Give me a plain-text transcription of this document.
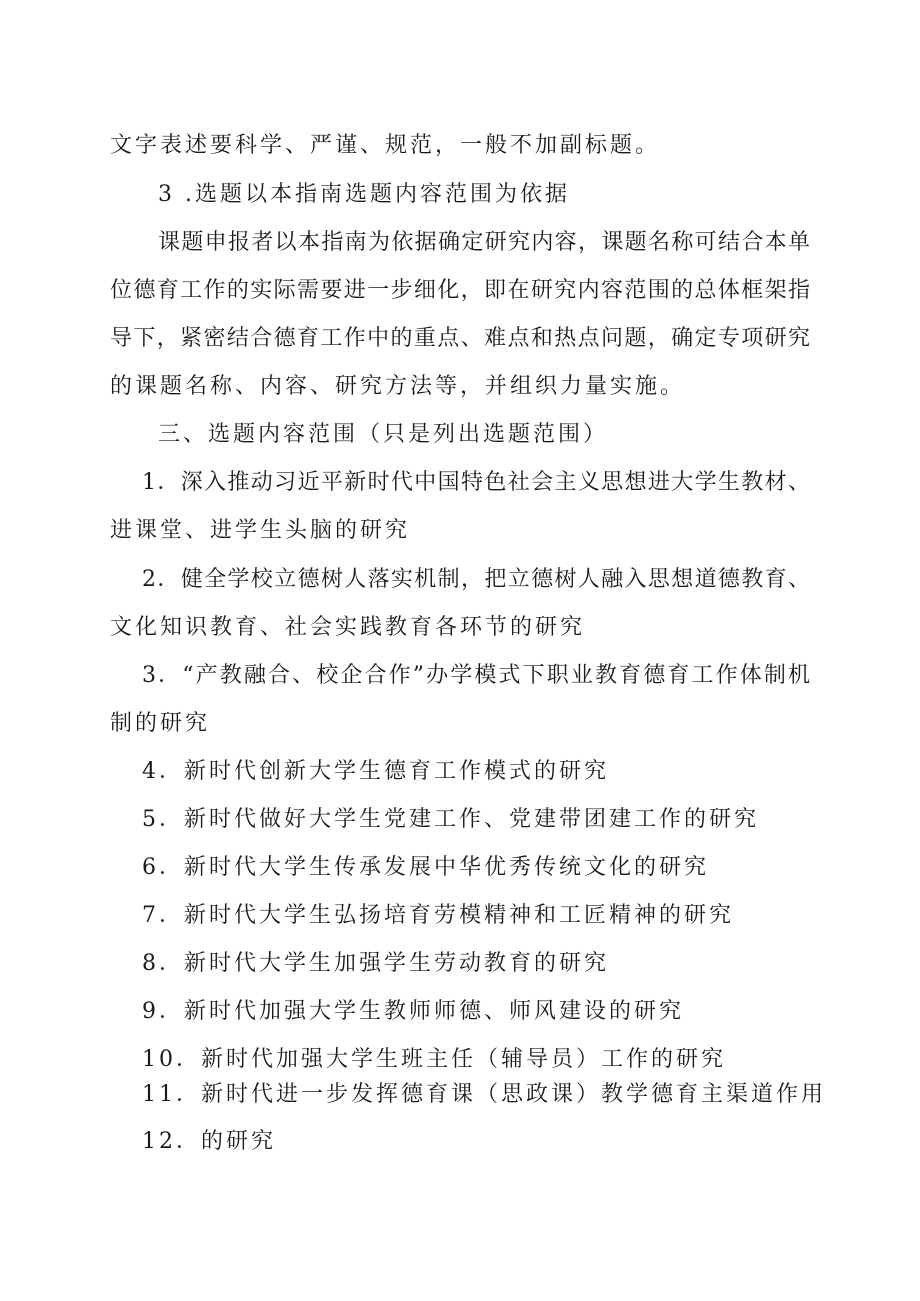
文字表述要科学、严谨、规范，一般不加副标题。

3 .选题以本指南选题内容范围为依据

课题申报者以本指南为依据确定研究内容，课题名称可结合本单

位德育工作的实际需要进一步细化，即在研究内容范围的总体框架指

导下，紧密结合德育工作中的重点、难点和热点问题，确定专项研究

的课题名称、内容、研究方法等，并组织力量实施。

三、选题内容范围（只是列出选题范围）

1．深入推动习近平新时代中国特色社会主义思想进大学生教材、

进课堂、进学生头脑的研究

2．健全学校立德树人落实机制，把立德树人融入思想道德教育、

文化知识教育、社会实践教育各环节的研究

3．“产教融合、校企合作”办学模式下职业教育德育工作体制机

制的研究

4．新时代创新大学生德育工作模式的研究

5．新时代做好大学生党建工作、党建带团建工作的研究

6．新时代大学生传承发展中华优秀传统文化的研究

7．新时代大学生弘扬培育劳模精神和工匠精神的研究

8．新时代大学生加强学生劳动教育的研究

9．新时代加强大学生教师师德、师风建设的研究

10．新时代加强大学生班主任（辅导员）工作的研究

11．新时代进一步发挥德育课（思政课）教学德育主渠道作用

12．的研究
